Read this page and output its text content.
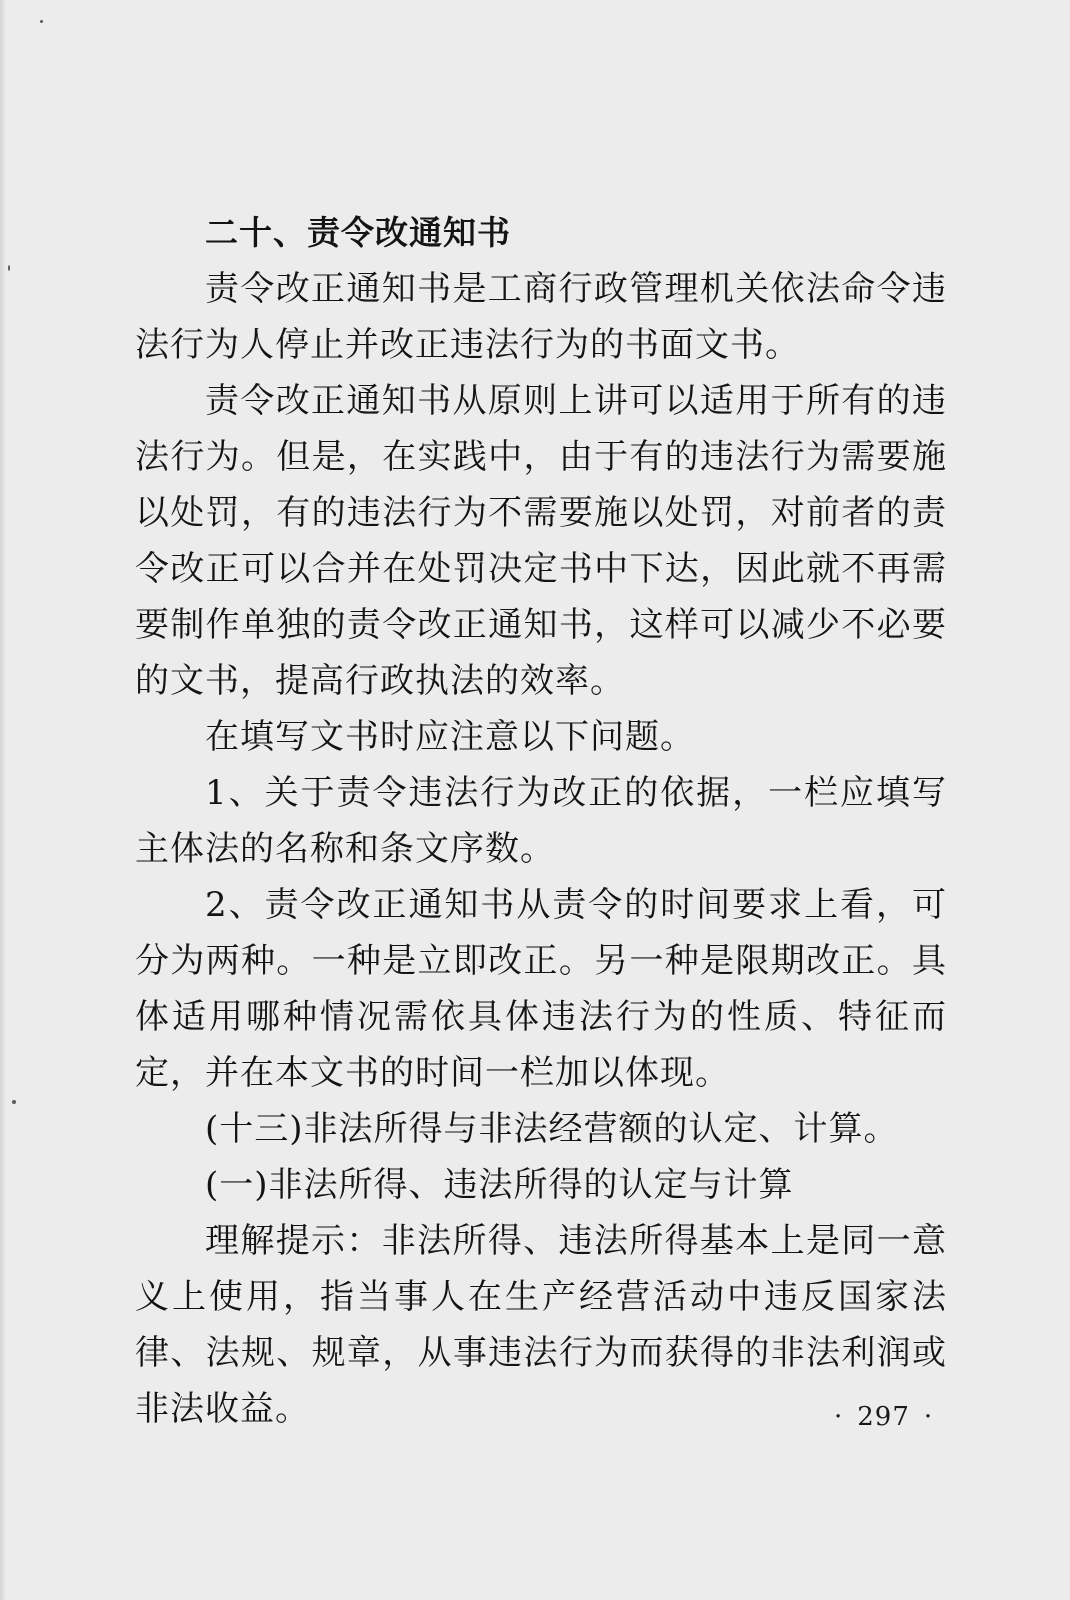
二十、责令改通知书

责令改正通知书是工商行政管理机关依法命令违法行为人停止并改正违法行为的书面文书。

责令改正通知书从原则上讲可以适用于所有的违法行为。但是，在实践中，由于有的违法行为需要施以处罚，有的违法行为不需要施以处罚，对前者的责令改正可以合并在处罚决定书中下达，因此就不再需要制作单独的责令改正通知书，这样可以减少不必要的文书，提高行政执法的效率。

在填写文书时应注意以下问题。

1、关于责令违法行为改正的依据，一栏应填写主体法的名称和条文序数。

2、责令改正通知书从责令的时间要求上看，可分为两种。一种是立即改正。另一种是限期改正。具体适用哪种情况需依具体违法行为的性质、特征而定，并在本文书的时间一栏加以体现。

(十三)非法所得与非法经营额的认定、计算。

(一)非法所得、违法所得的认定与计算

理解提示：非法所得、违法所得基本上是同一意义上使用，指当事人在生产经营活动中违反国家法律、法规、规章，从事违法行为而获得的非法利润或非法收益。	· 297 ·
